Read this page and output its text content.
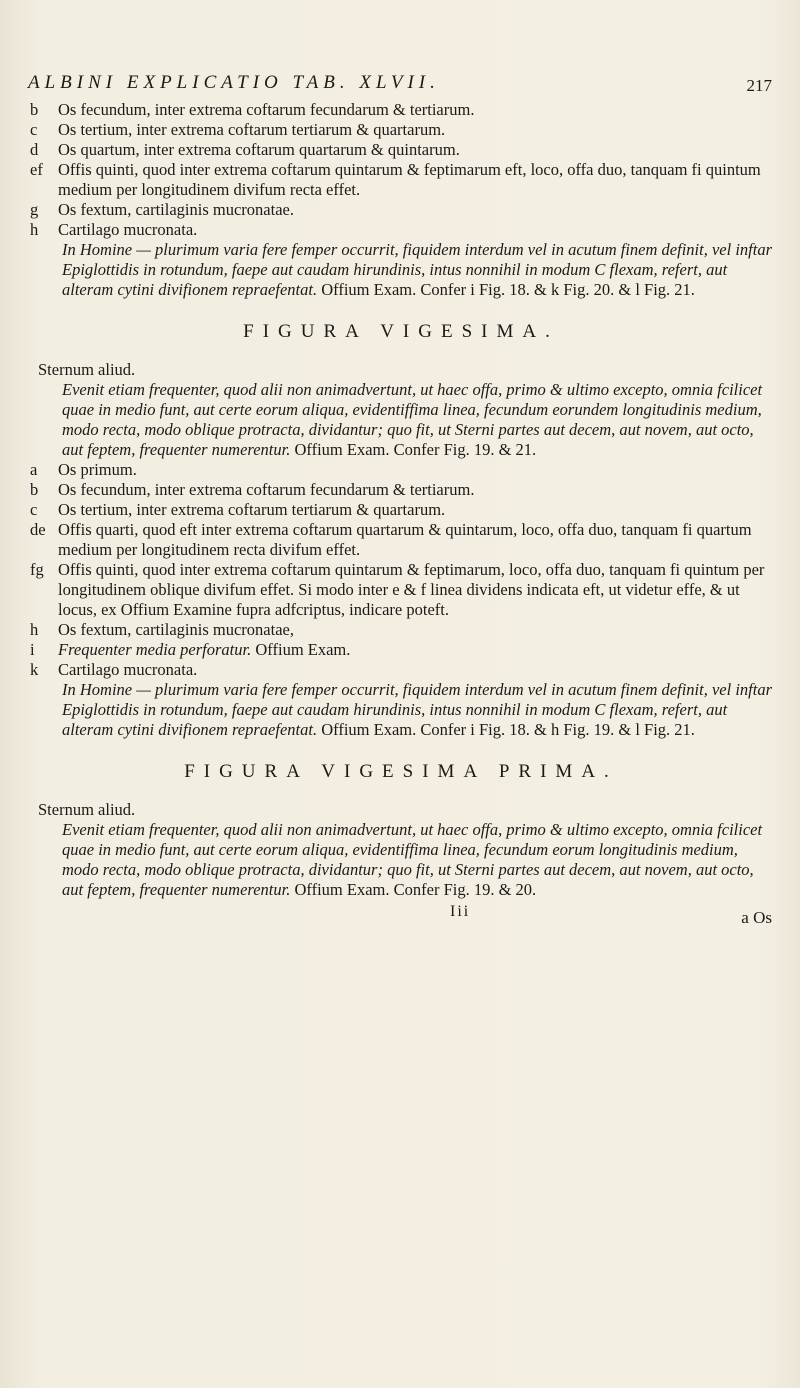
ALBINI EXPLICATIO TAB. XLVII.	217

b Os fecundum, inter extrema coftarum fecundarum & tertiarum.

c Os tertium, inter extrema coftarum tertiarum & quartarum.

d Os quartum, inter extrema coftarum quartarum & quintarum.

ef Offis quinti, quod inter extrema coftarum quintarum & feptimarum eft, loco, offa duo, tanquam fi quintum medium per longitudinem divifum recta effet.

g Os fextum, cartilaginis mucronatae.

h Cartilago mucronata.

In Homine — plurimum varia fere femper occurrit, fiquidem interdum vel in acutum finem definit, vel inftar Epiglottidis in rotundum, faepe aut caudam hirundinis, intus nonnihil in modum C flexam, refert, aut alteram cytini divifionem repraefentat. Offium Exam. Confer i Fig. 18. & k Fig. 20. & l Fig. 21.

FIGURA VIGESIMA.

Sternum aliud.

Evenit etiam frequenter, quod alii non animadvertunt, ut haec offa, primo & ultimo excepto, omnia fcilicet quae in medio funt, aut certe eorum aliqua, evidentiffima linea, fecundum eorundem longitudinis medium, modo recta, modo oblique protracta, dividantur; quo fit, ut Sterni partes aut decem, aut novem, aut octo, aut feptem, frequenter numerentur. Offium Exam. Confer Fig. 19. & 21.

a Os primum.

b Os fecundum, inter extrema coftarum fecundarum & tertiarum.

c Os tertium, inter extrema coftarum tertiarum & quartarum.

de Offis quarti, quod eft inter extrema coftarum quartarum & quintarum, loco, offa duo, tanquam fi quartum medium per longitudinem recta divifum effet.

fg Offis quinti, quod inter extrema coftarum quintarum & feptimarum, loco, offa duo, tanquam fi quintum per longitudinem oblique divifum effet. Si modo inter e & f linea dividens indicata eft, ut videtur effe, & ut locus, ex Offium Examine fupra adfcriptus, indicare poteft.

h Os fextum, cartilaginis mucronatae,

i Frequenter media perforatur. Offium Exam.

k Cartilago mucronata.

In Homine — plurimum varia fere femper occurrit, fiquidem interdum vel in acutum finem definit, vel inftar Epiglottidis in rotundum, faepe aut caudam hirundinis, intus nonnihil in modum C flexam, refert, aut alteram cytini divifionem repraefentat. Offium Exam. Confer i Fig. 18. & h Fig. 19. & l Fig. 21.

FIGURA VIGESIMA PRIMA.

Sternum aliud.

Evenit etiam frequenter, quod alii non animadvertunt, ut haec offa, primo & ultimo excepto, omnia fcilicet quae in medio funt, aut certe eorum aliqua, evidentiffima linea, fecundum eorum longitudinis medium, modo recta, modo oblique protracta, dividantur; quo fit, ut Sterni partes aut decem, aut novem, aut octo, aut feptem, frequenter numerentur. Offium Exam. Confer Fig. 19. & 20.

Iii	a Os
